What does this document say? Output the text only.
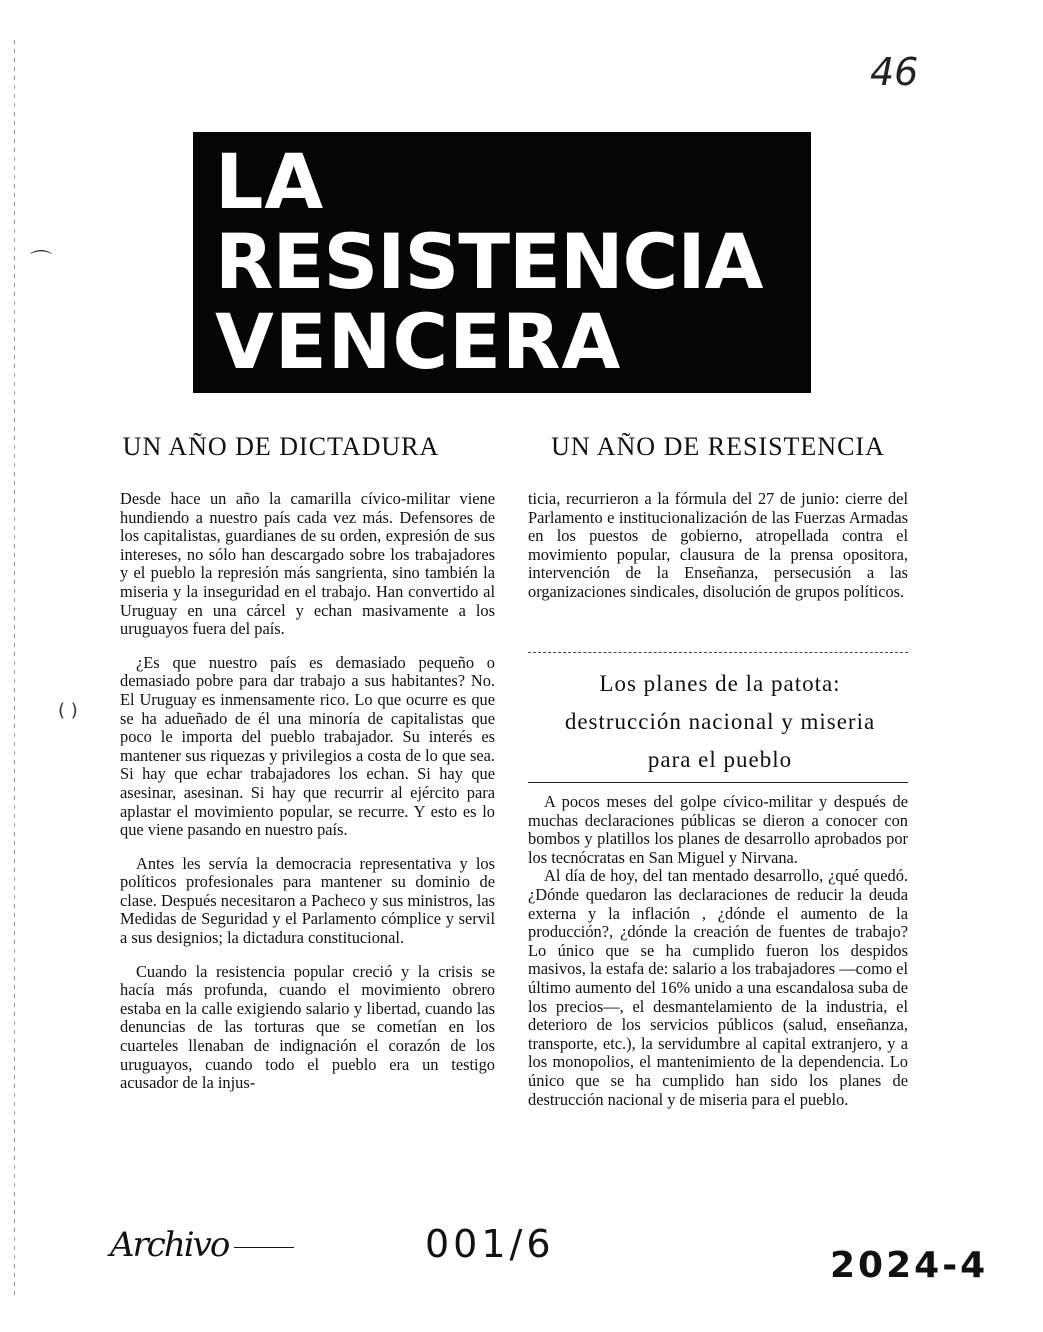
⌒
( )
46
LA
RESISTENCIA
VENCERA
UN AÑO DE DICTADURA	UN AÑO DE RESISTENCIA

Desde hace un año la camarilla cívico-militar viene hundiendo a nuestro país cada vez más. Defensores de los capitalistas, guardianes de su orden, expresión de sus intereses, no sólo han descargado sobre los trabajadores y el pueblo la represión más sangrienta, sino también la miseria y la inseguridad en el trabajo. Han convertido al Uruguay en una cárcel y echan masivamente a los uruguayos fuera del país.

¿Es que nuestro país es demasiado pequeño o demasiado pobre para dar trabajo a sus habitantes? No. El Uruguay es inmensamente rico. Lo que ocurre es que se ha adueñado de él una minoría de capitalistas que poco le importa del pueblo trabajador. Su interés es mantener sus riquezas y privilegios a costa de lo que sea. Si hay que echar trabajadores los echan. Si hay que asesinar, asesinan. Si hay que recurrir al ejército para aplastar el movimiento popular, se recurre. Y esto es lo que viene pasando en nuestro país.

Antes les servía la democracia representativa y los políticos profesionales para mantener su dominio de clase. Después necesitaron a Pacheco y sus ministros, las Medidas de Seguridad y el Parlamento cómplice y servil a sus designios; la dictadura constitucional.

Cuando la resistencia popular creció y la crisis se hacía más profunda, cuando el movimiento obrero estaba en la calle exigiendo salario y libertad, cuando las denuncias de las torturas que se cometían en los cuarteles llenaban de indignación el corazón de los uruguayos, cuando todo el pueblo era un testigo acusador de la injus-

ticia, recurrieron a la fórmula del 27 de junio: cierre del Parlamento e institucionalización de las Fuerzas Armadas en los puestos de gobierno, atropellada contra el movimiento popular, clausura de la prensa opositora, intervención de la Enseñanza, persecusión a las organizaciones sindicales, disolución de grupos políticos.

Los planes de la patota:
destrucción nacional y miseria
para el pueblo

A pocos meses del golpe cívico-militar y después de muchas declaraciones públicas se dieron a conocer con bombos y platillos los planes de desarrollo aprobados por los tecnócratas en San Miguel y Nirvana.

Al día de hoy, del tan mentado desarrollo, ¿qué quedó. ¿Dónde quedaron las declaraciones de reducir la deuda externa y la inflación , ¿dónde el aumento de la producción?, ¿dónde la creación de fuentes de trabajo? Lo único que se ha cumplido fueron los despidos masivos, la estafa de: salario a los trabajadores —como el último aumento del 16% unido a una escandalosa suba de los precios—, el desmantelamiento de la industria, el deterioro de los servicios públicos (salud, enseñanza, transporte, etc.), la servidumbre al capital extranjero, y a los monopolios, el mantenimiento de la dependencia. Lo único que se ha cumplido han sido los planes de destrucción nacional y de miseria para el pueblo.

Archivo	001/6	2024-4
